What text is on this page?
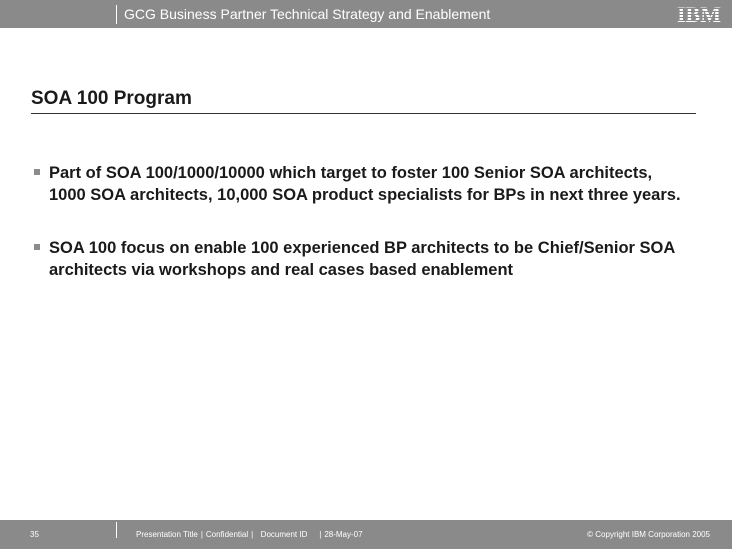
GCG Business Partner Technical Strategy and Enablement	IBM
SOA 100 Program
Part of SOA 100/1000/10000 which target to foster 100 Senior SOA architects, 1000 SOA architects, 10,000 SOA product specialists for BPs in next three years.
SOA 100 focus on enable 100 experienced BP architects to be Chief/Senior SOA architects via workshops and real cases based enablement
35	Presentation Title | Confidential | Document ID | 28-May-07	© Copyright IBM Corporation 2005
